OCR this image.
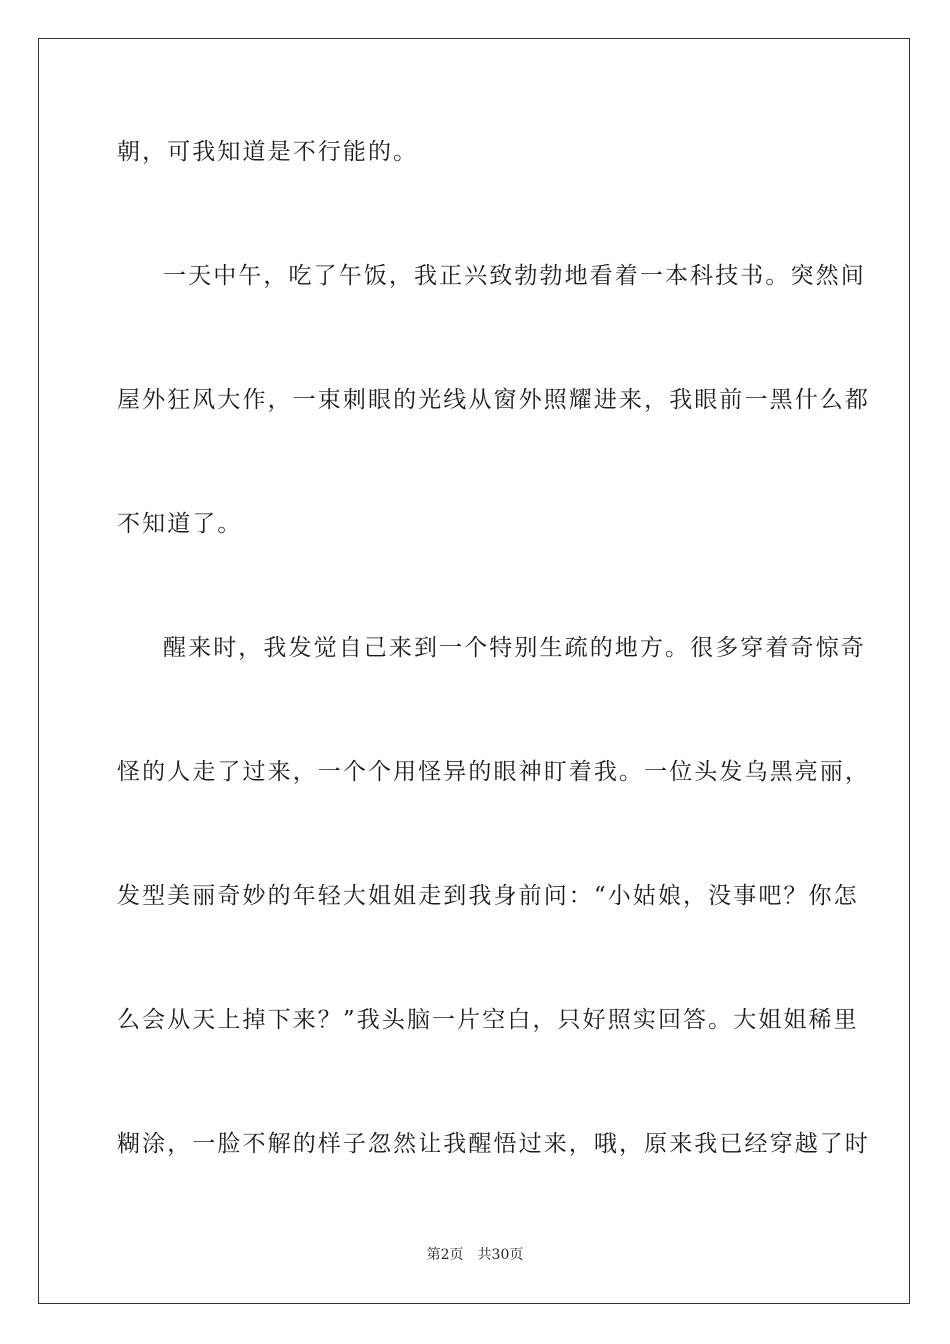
朝，可我知道是不行能的。
一天中午，吃了午饭，我正兴致勃勃地看着一本科技书。突然间
屋外狂风大作，一束刺眼的光线从窗外照耀进来，我眼前一黑什么都
不知道了。
醒来时，我发觉自己来到一个特别生疏的地方。很多穿着奇惊奇
怪的人走了过来，一个个用怪异的眼神盯着我。一位头发乌黑亮丽，
发型美丽奇妙的年轻大姐姐走到我身前问：“小姑娘，没事吧？你怎
么会从天上掉下来？”我头脑一片空白，只好照实回答。大姐姐稀里
糊涂，一脸不解的样子忽然让我醒悟过来，哦，原来我已经穿越了时
第2页 共30页
